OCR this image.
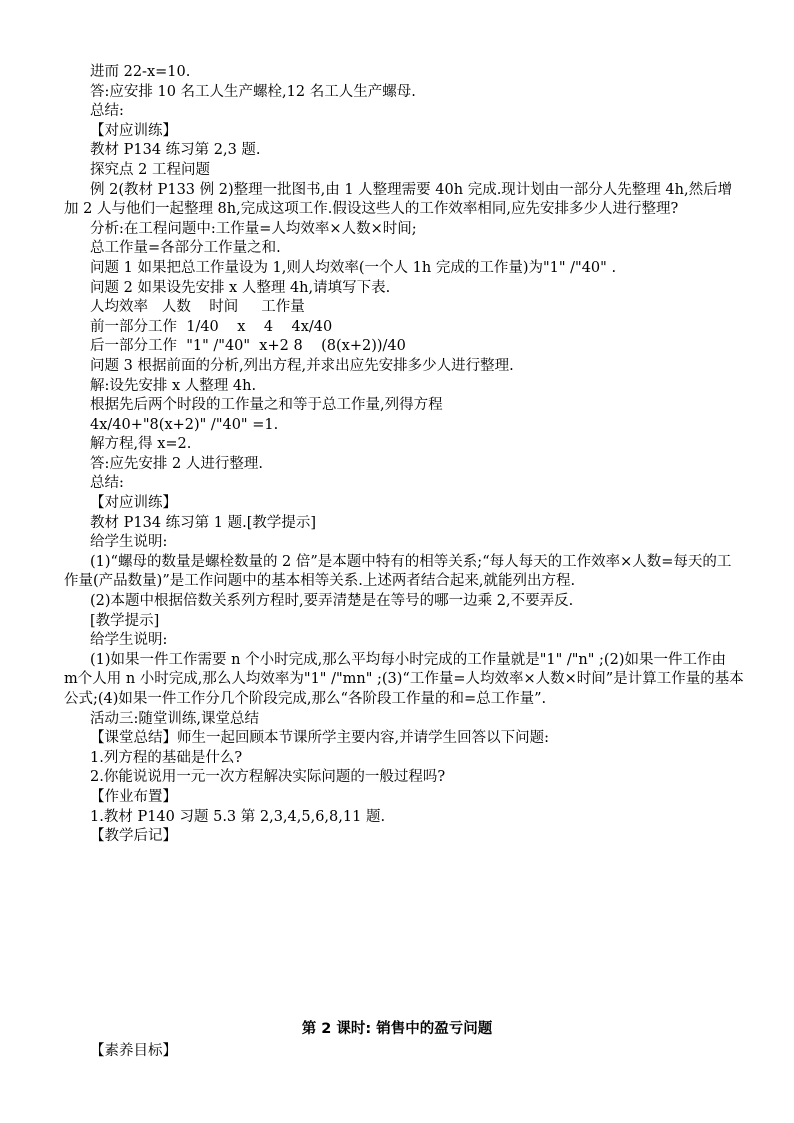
进而 22-x=10.
答:应安排 10 名工人生产螺栓,12 名工人生产螺母.
总结:
【对应训练】
教材 P134 练习第 2,3 题.
探究点 2 工程问题
例 2(教材 P133 例 2)整理一批图书,由 1 人整理需要 40h 完成.现计划由一部分人先整理 4h,然后增加 2 人与他们一起整理 8h,完成这项工作.假设这些人的工作效率相同,应先安排多少人进行整理?
分析:在工程问题中:工作量=人均效率×人数×时间;
总工作量=各部分工作量之和.
问题 1 如果把总工作量设为 1,则人均效率(一个人 1h 完成的工作量)为"1" /"40" .
问题 2 如果设先安排 x 人整理 4h,请填写下表.
人均效率   人数    时间     工作量
前一部分工作  1/40    x    4    4x/40
后一部分工作  "1" /"40"  x+2 8    (8(x+2))/40
问题 3 根据前面的分析,列出方程,并求出应先安排多少人进行整理.
解:设先安排 x 人整理 4h.
根据先后两个时段的工作量之和等于总工作量,列得方程
4x/40+"8(x+2)" /"40" =1.
解方程,得 x=2.
答:应先安排 2 人进行整理.
总结:
【对应训练】
教材 P134 练习第 1 题.[教学提示]
给学生说明:
(1)“螺母的数量是螺栓数量的 2 倍”是本题中特有的相等关系;“每人每天的工作效率×人数=每天的工作量(产品数量)”是工作问题中的基本相等关系.上述两者结合起来,就能列出方程.
(2)本题中根据倍数关系列方程时,要弄清楚是在等号的哪一边乘 2,不要弄反.
[教学提示]
给学生说明:
(1)如果一件工作需要 n 个小时完成,那么平均每小时完成的工作量就是"1" /"n" ;(2)如果一件工作由 m个人用 n 小时完成,那么人均效率为"1" /"mn" ;(3)“工作量=人均效率×人数×时间”是计算工作量的基本公式;(4)如果一件工作分几个阶段完成,那么“各阶段工作量的和=总工作量”.
活动三:随堂训练,课堂总结
【课堂总结】师生一起回顾本节课所学主要内容,并请学生回答以下问题:
1.列方程的基础是什么?
2.你能说说用一元一次方程解决实际问题的一般过程吗?
【作业布置】
1.教材 P140 习题 5.3 第 2,3,4,5,6,8,11 题.
【教学后记】
第 2 课时: 销售中的盈亏问题
【素养目标】
